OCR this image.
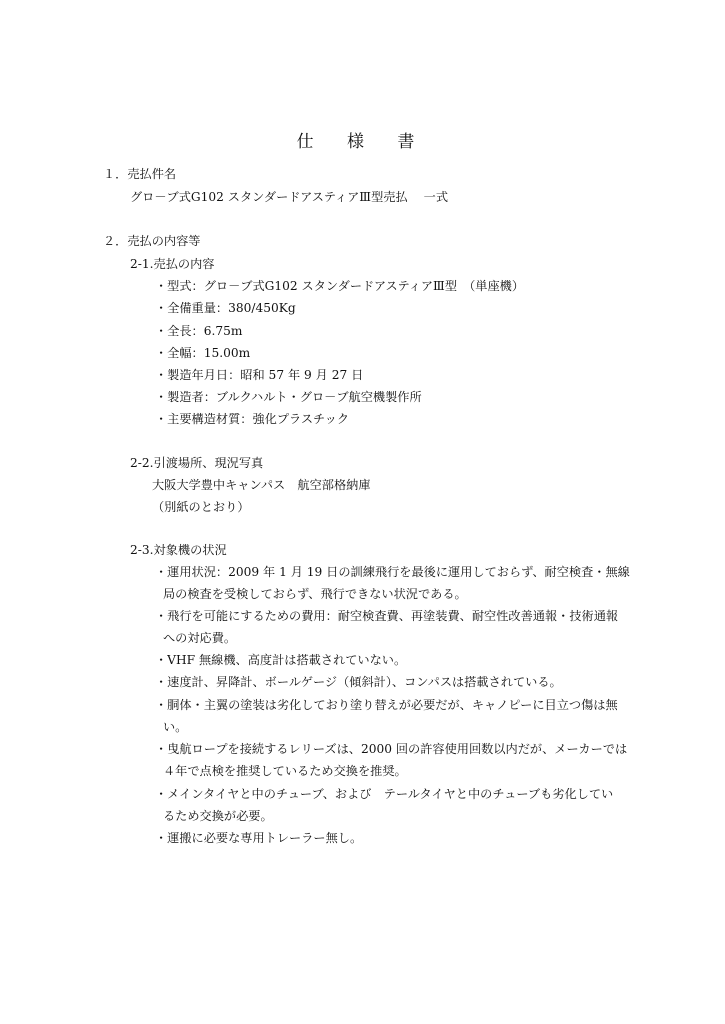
仕 様 書
１．売払件名
グロ－ブ式G102 スタンダードアスティアⅢ型売払　 一式
２．売払の内容等
2-1.売払の内容
・型式：グロ－ブ式G102 スタンダードアスティアⅢ型　（単座機）
・全備重量：380/450Kg
・全長：6.75m
・全幅：15.00m
・製造年月日：昭和 57 年 9 月 27 日
・製造者：ブルクハルト・グロ－ブ航空機製作所
・主要構造材質：強化プラスチック
2-2.引渡場所、現況写真
大阪大学豊中キャンパス　航空部格納庫
（別紙のとおり）
2-3.対象機の状況
・運用状況：2009 年 1 月 19 日の訓練飛行を最後に運用しておらず、耐空検査・無線
局の検査を受検しておらず、飛行できない状況である。
・飛行を可能にするための費用：耐空検査費、再塗装費、耐空性改善通報・技術通報
への対応費。
・VHF 無線機、高度計は搭載されていない。
・速度計、昇降計、ボールゲージ（傾斜計）、コンパスは搭載されている。
・胴体・主翼の塗装は劣化しており塗り替えが必要だが、キャノピーに目立つ傷は無
い。
・曳航ロープを接続するレリーズは、2000 回の許容使用回数以内だが、メーカーでは
４年で点検を推奨しているため交換を推奨。
・メインタイヤと中のチューブ、および　テールタイヤと中のチューブも劣化してい
るため交換が必要。
・運搬に必要な専用トレーラー無し。
